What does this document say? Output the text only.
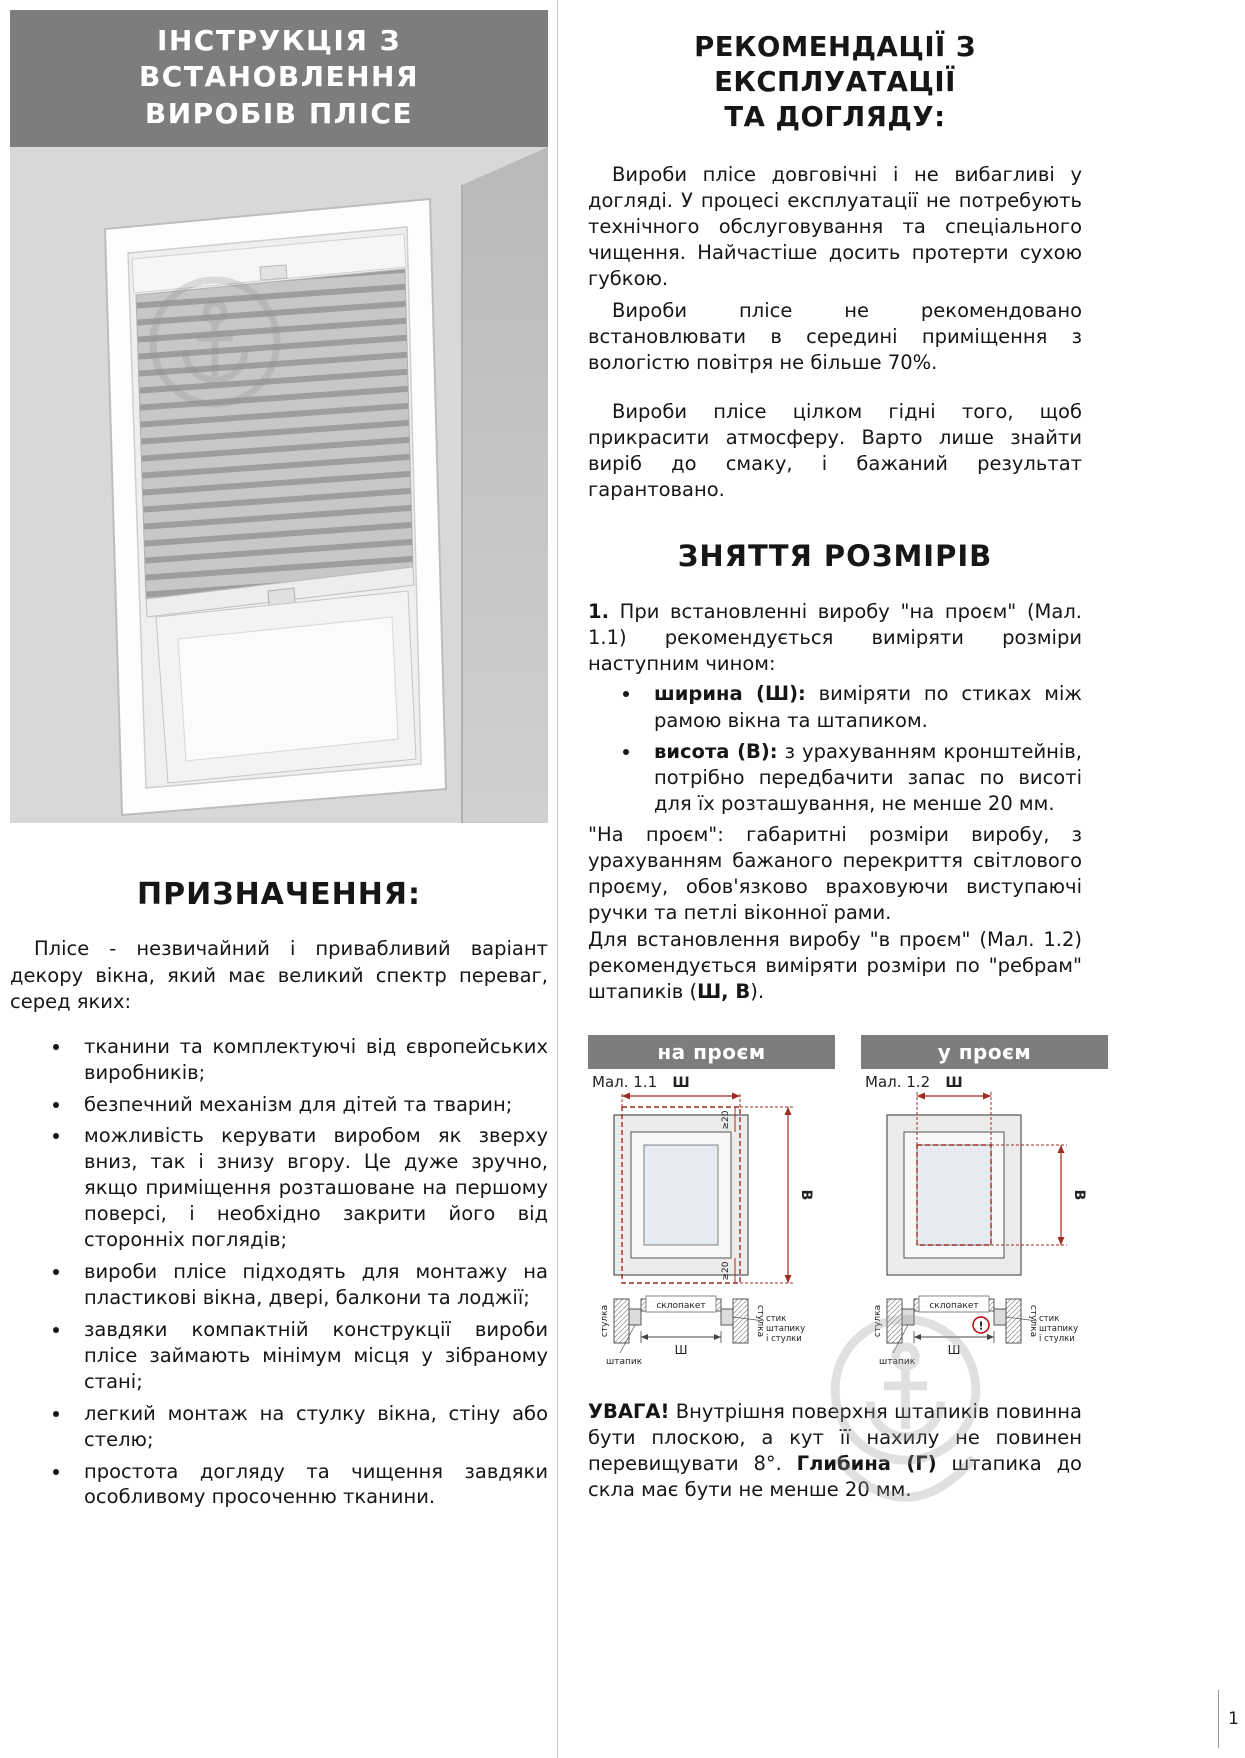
ІНСТРУКЦІЯ З ВСТАНОВЛЕННЯ
ВИРОБІВ ПЛІСЕ
ПРИЗНАЧЕННЯ:

Плісе - незвичайний і привабливий варіант декору вікна, який має великий спектр переваг, серед яких:

• тканини та комплектуючі від європейських виробників;
• безпечний механізм для дітей та тварин;
• можливість керувати виробом як зверху вниз, так і знизу вгору. Це дуже зручно, якщо приміщення розташоване на першому поверсі, і необхідно закрити його від сторонніх поглядів;
• вироби плісе підходять для монтажу на пластикові вікна, двері, балкони та лоджії;
• завдяки компактній конструкції вироби плісе займають мінімум місця у зібраному стані;
• легкий монтаж на стулку вікна, стіну або стелю;
• простота догляду та чищення завдяки особливому просоченню тканини.
РЕКОМЕНДАЦІЇ З ЕКСПЛУАТАЦІЇ
ТА ДОГЛЯДУ:

Вироби плісе довговічні і не вибагливі у догляді. У процесі експлуатації не потребують технічного обслуговування та спеціального чищення. Найчастіше досить протерти сухою губкою.

Вироби плісе не рекомендовано встановлювати в середині приміщення з вологістю повітря не більше 70%.

Вироби плісе цілком гідні того, щоб прикрасити атмосферу. Варто лише знайти виріб до смаку, і бажаний результат гарантовано.

ЗНЯТТЯ РОЗМІРІВ

1. При встановленні виробу "на проєм" (Мал. 1.1) рекомендується виміряти розміри наступним чином:

• ширина (Ш): виміряти по стиках між рамою вікна та штапиком.
• висота (В): з урахуванням кронштейнів, потрібно передбачити запас по висоті для їх розташування, не менше 20 мм.

"На проєм": габаритні розміри виробу, з урахуванням бажаного перекриття світлового проєму, обов'язково враховуючи виступаючі ручки та петлі віконної рами.

Для встановлення виробу "в проєм" (Мал. 1.2) рекомендується виміряти розміри по "ребрам" штапиків (Ш, В).

на проєм
Мал. 1.1 Ш
В
≥20
≥20
склопакет
стулка	стулка
штапик
Ш
стик
штапику
і стулки
у проєм
Мал. 1.2 Ш
В
склопакет
стулка	стулка
штапик
!
Ш
стик
штапику
і стулки

УВАГА! Внутрішня поверхня штапиків повинна бути плоскою, а кут її нахилу не повинен перевищувати 8°. Глибина (Г) штапика до скла має бути не менше 20 мм.

1
